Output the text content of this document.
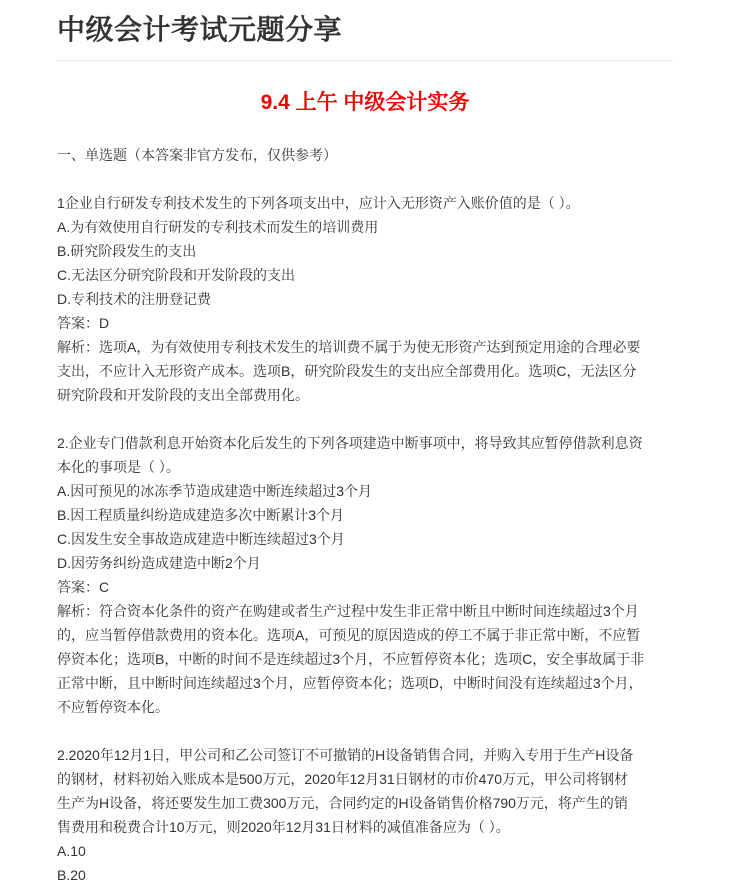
中级会计考试元题分享
9.4 上午 中级会计实务
一、单选题（本答案非官方发布，仅供参考）
1企业自行研发专利技术发生的下列各项支出中，应计入无形资产入账价值的是（ ）。
A.为有效使用自行研发的专利技术而发生的培训费用
B.研究阶段发生的支出
C.无法区分研究阶段和开发阶段的支出
D.专利技术的注册登记费
答案：D
解析：选项A，为有效使用专利技术发生的培训费不属于为使无形资产达到预定用途的合理必要
支出，不应计入无形资产成本。选项B，研究阶段发生的支出应全部费用化。选项C，无法区分
研究阶段和开发阶段的支出全部费用化。
2.企业专门借款利息开始资本化后发生的下列各项建造中断事项中，将导致其应暂停借款利息资
本化的事项是（ ）。
A.因可预见的冰冻季节造成建造中断连续超过3个月
B.因工程质量纠纷造成建造多次中断累计3个月
C.因发生安全事故造成建造中断连续超过3个月
D.因劳务纠纷造成建造中断2个月
答案：C
解析：符合资本化条件的资产在购建或者生产过程中发生非正常中断且中断时间连续超过3个月
的，应当暂停借款费用的资本化。选项A，可预见的原因造成的停工不属于非正常中断，不应暂
停资本化；选项B，中断的时间不是连续超过3个月，不应暂停资本化；选项C，安全事故属于非
正常中断，且中断时间连续超过3个月，应暂停资本化；选项D，中断时间没有连续超过3个月，
不应暂停资本化。
2.2020年12月1日，甲公司和乙公司签订不可撤销的H设备销售合同，并购入专用于生产H设备
的钢材，材料初始入账成本是500万元，2020年12月31日钢材的市价470万元，甲公司将钢材
生产为H设备，将还要发生加工费300万元，合同约定的H设备销售价格790万元，将产生的销
售费用和税费合计10万元，则2020年12月31日材料的减值准备应为（ ）。
A.10
B.20
